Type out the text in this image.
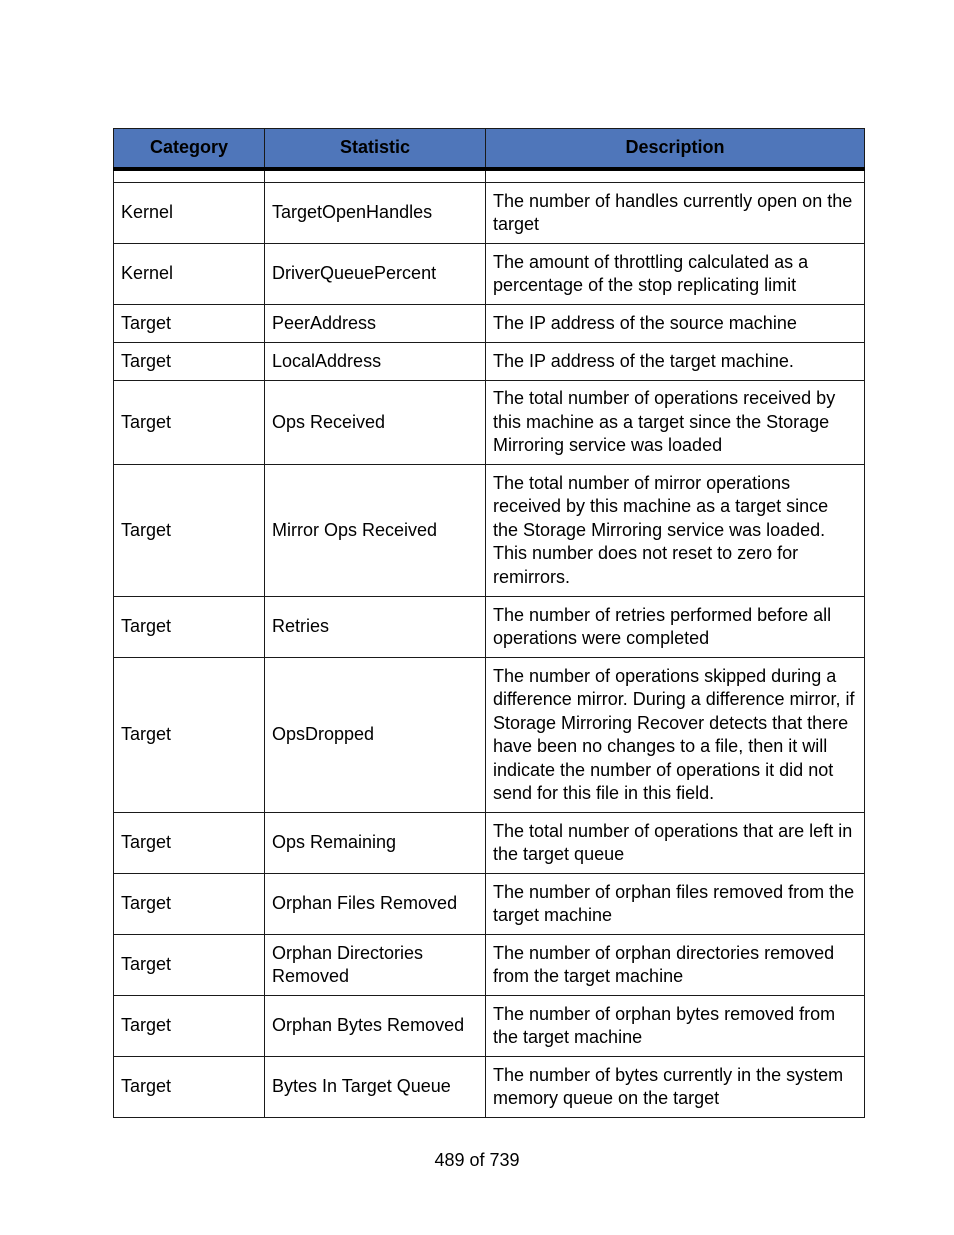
Category	Statistic	Description

Kernel	TargetOpenHandles	The number of handles currently open on the target
Kernel	DriverQueuePercent	The amount of throttling calculated as a percentage of the stop replicating limit
Target	PeerAddress	The IP address of the source machine
Target	LocalAddress	The IP address of the target machine.
Target	Ops Received	The total number of operations received by this machine as a target since the Storage Mirroring service was loaded
Target	Mirror Ops Received	The total number of mirror operations received by this machine as a target since the Storage Mirroring service was loaded. This number does not reset to zero for remirrors.
Target	Retries	The number of retries performed before all operations were completed
Target	OpsDropped	The number of operations skipped during a difference mirror. During a difference mirror, if Storage Mirroring Recover detects that there have been no changes to a file, then it will indicate the number of operations it did not send for this file in this field.
Target	Ops Remaining	The total number of operations that are left in the target queue
Target	Orphan Files Removed	The number of orphan files removed from the target machine
Target	Orphan Directories Removed	The number of orphan directories removed from the target machine
Target	Orphan Bytes Removed	The number of orphan bytes removed from the target machine
Target	Bytes In Target Queue	The number of bytes currently in the system memory queue on the target
489 of 739
